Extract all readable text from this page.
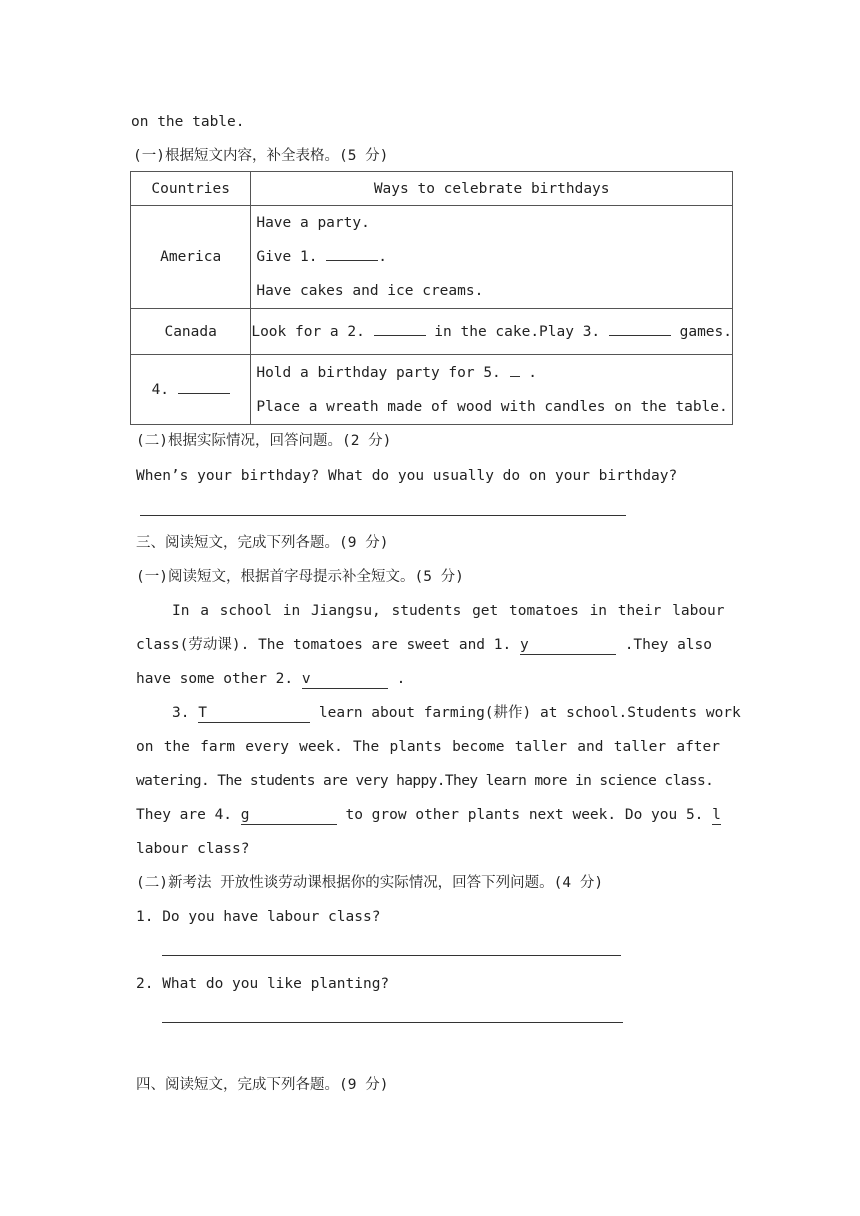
on the table.
(一)根据短文内容，补全表格。(5 分)
Countries	Ways to celebrate birthdays
America	Have a party.
Give 1. .
Have cakes and ice creams.

Canada	Look for a 2. in the cake.Play 3. games.

4.	Hold a birthday party for 5.  .
Place a wreath made of wood with candles on the table.
(二)根据实际情况，回答问题。(2 分)
When’s your birthday? What do you usually do on your birthday?
三、阅读短文，完成下列各题。(9 分)
(一)阅读短文，根据首字母提示补全短文。(5 分)
In a school in Jiangsu, students get tomatoes in their labour
class(劳动课). The tomatoes are sweet and 1. y	.They also
have some other 2. v	.
3. T	learn about farming(耕作) at school.Students work
on the farm every week. The plants become taller and taller after
watering. The students are very happy.They learn more in science class.
They are 4. g	to grow other plants next week. Do you 5. l
labour class?
(二)新考法 开放性谈劳动课根据你的实际情况，回答下列问题。(4 分)
1. Do you have labour class?
2. What do you like planting?
四、阅读短文，完成下列各题。(9 分)
